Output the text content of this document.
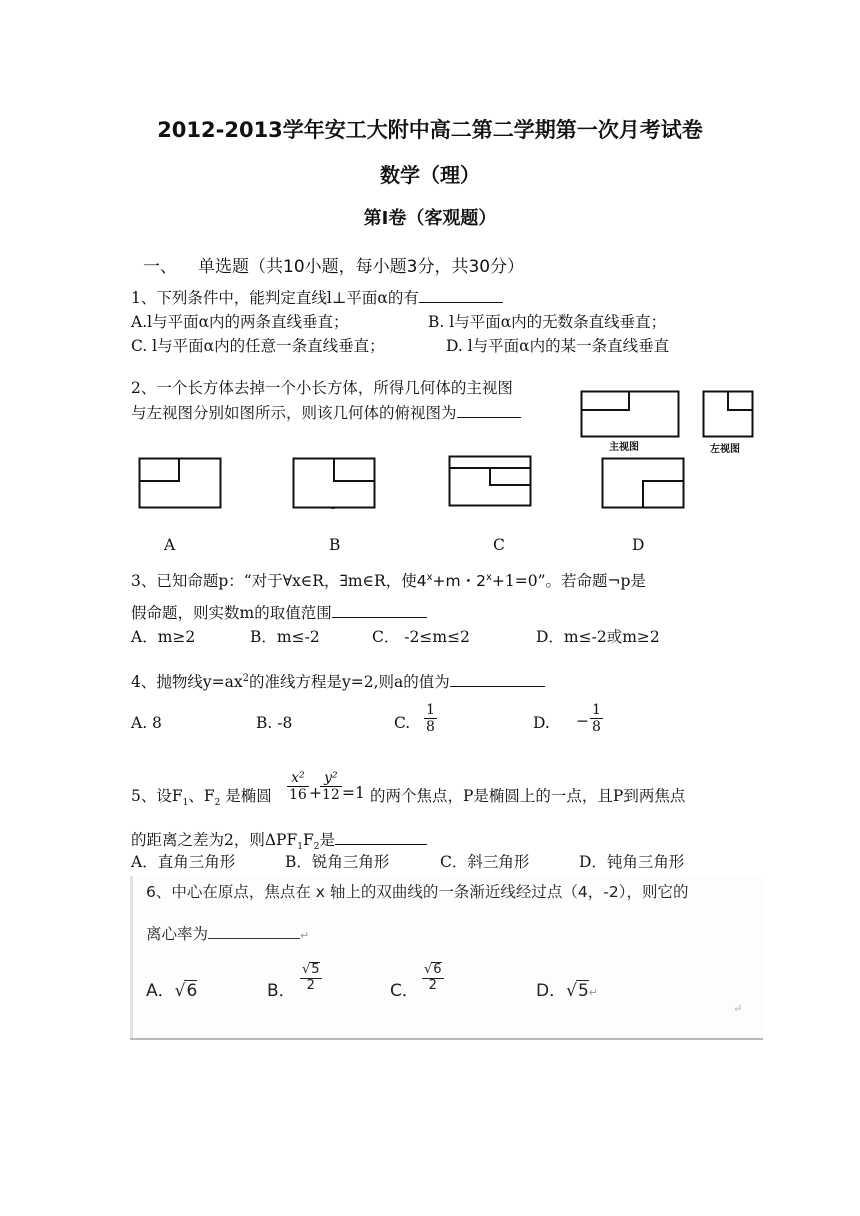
2012-2013学年安工大附中高二第二学期第一次月考试卷
数学（理）
第Ⅰ卷（客观题）
一、 单选题（共10小题，每小题3分，共30分）
1、下列条件中，能判定直线l⊥平面α的有
A.l与平面α内的两条直线垂直；	B. l与平面α内的无数条直线垂直；
C. l与平面α内的任意一条直线垂直；	D. l与平面α内的某一条直线垂直
2、一个长方体去掉一个小长方体，所得几何体的主视图
与左视图分别如图所示，则该几何体的俯视图为
主视图	左视图
A	B	C	D
3、已知命题p：“对于∀x∈R，∃m∈R，使$4^x+m$・$2^x+1=0$”。若命题¬p是
假命题，则实数m的取值范围
A．m≥2	B．m≤-2	C． -2≤m≤2	D．m≤-2或m≥2
4、抛物线$y=ax^2$的准线方程是y=2,则a的值为
A. 8	B. -8	C. $\frac{1}{8}$	D. − $\frac{1}{8}$
5、设$F_1$、$F_2$ 是椭圆 $\frac{\text{x²}}{16}$ +
$\frac{\text{y²}}{12} =1$ 的两个焦点，P是椭圆上的一点，且P到两焦点
的距离之差为2，则$\Delta PF_1F_2$是
A．直角三角形	B．锐角三角形	C．斜三角形	D．钝角三角形
6、中心在原点，焦点在 x 轴上的双曲线的一条渐近线经过点（4，-2），则它的
离心率为	↵
A．√6	B． $\frac{√5}{2}$	C． $\frac{√6}{2}$	D．√5↵
↵
